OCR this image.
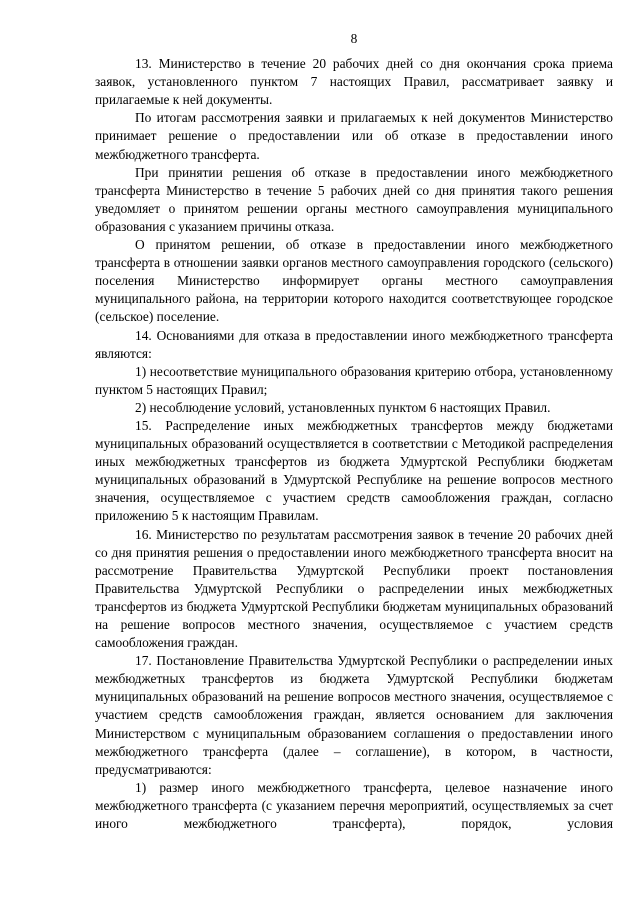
8

13. Министерство в течение 20 рабочих дней со дня окончания срока приема заявок, установленного пунктом 7 настоящих Правил, рассматривает заявку и прилагаемые к ней документы.

По итогам рассмотрения заявки и прилагаемых к ней документов Министерство принимает решение о предоставлении или об отказе в предоставлении иного межбюджетного трансферта.

При принятии решения об отказе в предоставлении иного межбюджетного трансферта Министерство в течение 5 рабочих дней со дня принятия такого решения уведомляет о принятом решении органы местного самоуправления муниципального образования с указанием причины отказа.

О принятом решении, об отказе в предоставлении иного межбюджетного трансферта в отношении заявки органов местного самоуправления городского (сельского) поселения Министерство информирует органы местного самоуправления муниципального района, на территории которого находится соответствующее городское (сельское) поселение.

14. Основаниями для отказа в предоставлении иного межбюджетного трансферта являются:

1) несоответствие муниципального образования критерию отбора, установленному пунктом 5 настоящих Правил;

2) несоблюдение условий, установленных пунктом 6 настоящих Правил.

15. Распределение иных межбюджетных трансфертов между бюджетами муниципальных образований осуществляется в соответствии с Методикой распределения иных межбюджетных трансфертов из бюджета Удмуртской Республики бюджетам муниципальных образований в Удмуртской Республике на решение вопросов местного значения, осуществляемое с участием средств самообложения граждан, согласно приложению 5 к настоящим Правилам.

16. Министерство по результатам рассмотрения заявок в течение 20 рабочих дней со дня принятия решения о предоставлении иного межбюджетного трансферта вносит на рассмотрение Правительства Удмуртской Республики проект постановления Правительства Удмуртской Республики о распределении иных межбюджетных трансфертов из бюджета Удмуртской Республики бюджетам муниципальных образований на решение вопросов местного значения, осуществляемое с участием средств самообложения граждан.

17. Постановление Правительства Удмуртской Республики о распределении иных межбюджетных трансфертов из бюджета Удмуртской Республики бюджетам муниципальных образований на решение вопросов местного значения, осуществляемое с участием средств самообложения граждан, является основанием для заключения Министерством с муниципальным образованием соглашения о предоставлении иного межбюджетного трансферта (далее – соглашение), в котором, в частности, предусматриваются:

1) размер иного межбюджетного трансферта, целевое назначение иного межбюджетного трансферта (с указанием перечня мероприятий, осуществляемых за счет иного межбюджетного трансферта), порядок, условия
